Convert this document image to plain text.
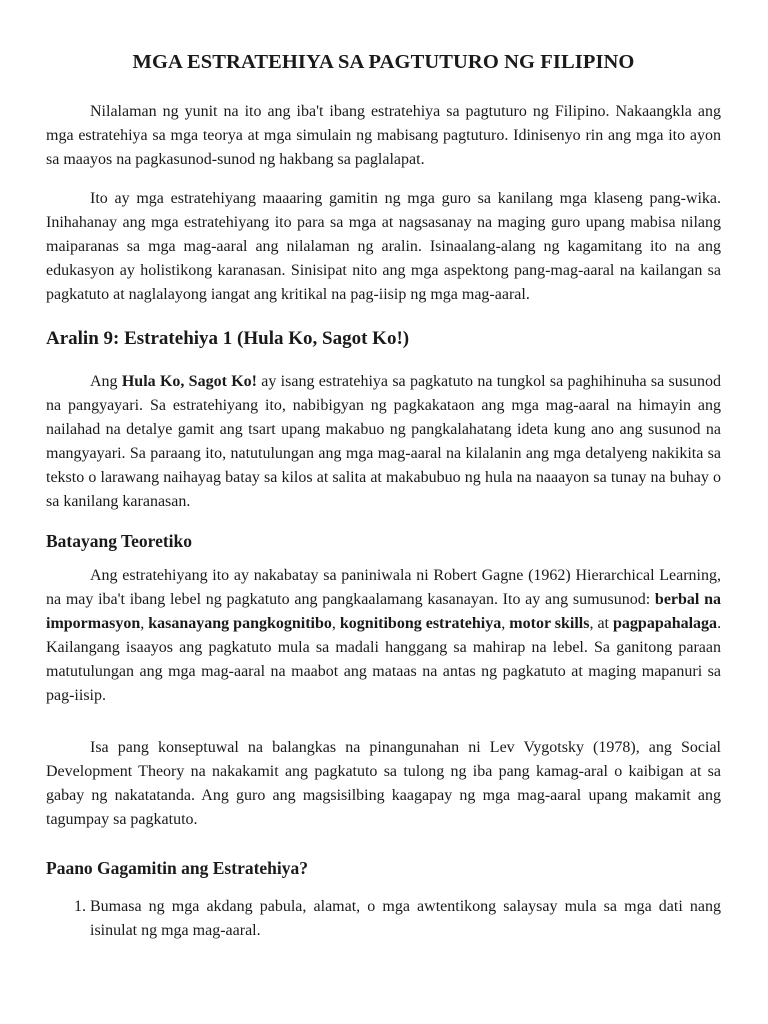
MGA ESTRATEHIYA SA PAGTUTURO NG FILIPINO

Nilalaman ng yunit na ito ang iba't ibang estratehiya sa pagtuturo ng Filipino. Nakaangkla ang mga estratehiya sa mga teorya at mga simulain ng mabisang pagtuturo. Idinisenyo rin ang mga ito ayon sa maayos na pagkasunod-sunod ng hakbang sa paglalapat.

Ito ay mga estratehiyang maaaring gamitin ng mga guro sa kanilang mga klaseng pang-wika. Inihahanay ang mga estratehiyang ito para sa mga at nagsasanay na maging guro upang mabisa nilang maiparanas sa mga mag-aaral ang nilalaman ng aralin. Isinaalang-alang ng kagamitang ito na ang edukasyon ay holistikong karanasan. Sinisipat nito ang mga aspektong pang-mag-aaral na kailangan sa pagkatuto at naglalayong iangat ang kritikal na pag-iisip ng mga mag-aaral.

Aralin 9: Estratehiya 1 (Hula Ko, Sagot Ko!)

Ang Hula Ko, Sagot Ko! ay isang estratehiya sa pagkatuto na tungkol sa paghihinuha sa susunod na pangyayari. Sa estratehiyang ito, nabibigyan ng pagkakataon ang mga mag-aaral na himayin ang nailahad na detalye gamit ang tsart upang makabuo ng pangkalahatang ideta kung ano ang susunod na mangyayari. Sa paraang ito, natutulungan ang mga mag-aaral na kilalanin ang mga detalyeng nakikita sa teksto o larawang naihayag batay sa kilos at salita at makabubuo ng hula na naaayon sa tunay na buhay o sa kanilang karanasan.

Batayang Teoretiko

Ang estratehiyang ito ay nakabatay sa paniniwala ni Robert Gagne (1962) Hierarchical Learning, na may iba't ibang lebel ng pagkatuto ang pangkaalamang kasanayan. Ito ay ang sumusunod: berbal na impormasyon, kasanayang pangkognitibo, kognitibong estratehiya, motor skills, at pagpapahalaga. Kailangang isaayos ang pagkatuto mula sa madali hanggang sa mahirap na lebel. Sa ganitong paraan matutulungan ang mga mag-aaral na maabot ang mataas na antas ng pagkatuto at maging mapanuri sa pag-iisip.

Isa pang konseptuwal na balangkas na pinangunahan ni Lev Vygotsky (1978), ang Social Development Theory na nakakamit ang pagkatuto sa tulong ng iba pang kamag-aral o kaibigan at sa gabay ng nakatatanda. Ang guro ang magsisilbing kaagapay ng mga mag-aaral upang makamit ang tagumpay sa pagkatuto.

Paano Gagamitin ang Estratehiya?
1. Bumasa ng mga akdang pabula, alamat, o mga awtentikong salaysay mula sa mga dati nang isinulat ng mga mag-aaral.
